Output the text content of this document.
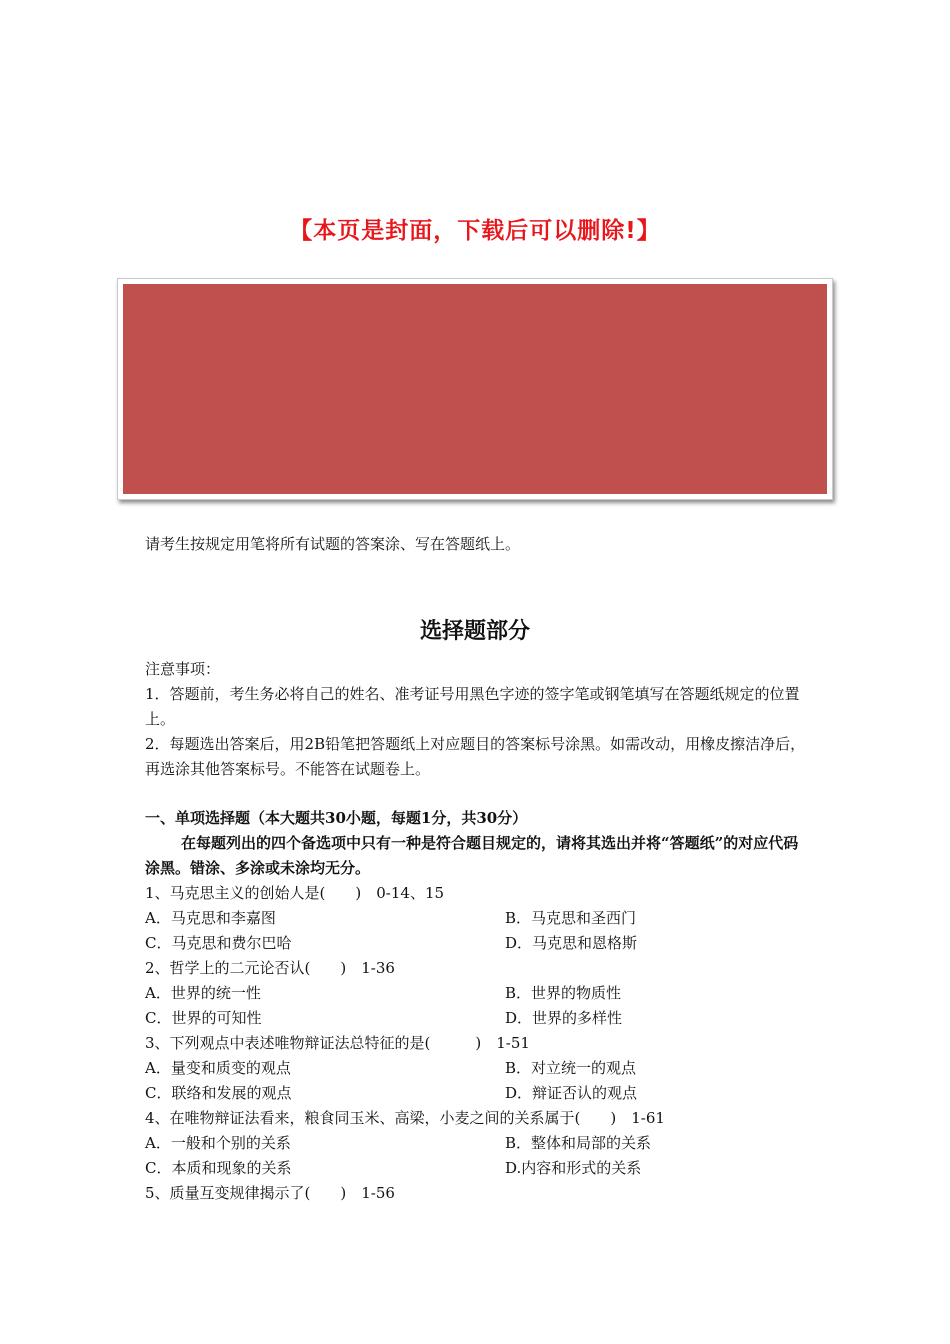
【本页是封面，下载后可以删除!】
请考生按规定用笔将所有试题的答案涂、写在答题纸上。
选择题部分

注意事项：

1．答题前，考生务必将自己的姓名、准考证号用黑色字迹的签字笔或钢笔填写在答题纸规定的位置上。

2．每题选出答案后，用2B铅笔把答题纸上对应题目的答案标号涂黑。如需改动，用橡皮擦洁净后，再选涂其他答案标号。不能答在试题卷上。

一、单项选择题（本大题共30小题，每题1分，共30分）

在每题列出的四个备选项中只有一种是符合题目规定的，请将其选出并将“答题纸”的对应代码涂黑。错涂、多涂或未涂均无分。

1、马克思主义的创始人是(　　)　0-14、15

A．马克思和李嘉图	B．马克思和圣西门
C．马克思和费尔巴哈	D．马克思和恩格斯

2、哲学上的二元论否认(　　)　1-36

A．世界的统一性	B．世界的物质性
C．世界的可知性	D．世界的多样性

3、下列观点中表述唯物辩证法总特征的是(　　　)　1-51

A．量变和质变的观点	B．对立统一的观点
C．联络和发展的观点	D．辩证否认的观点

4、在唯物辩证法看来，粮食同玉米、高梁，小麦之间的关系属于(　　)　1-61

A．一般和个别的关系	B．整体和局部的关系
C．本质和现象的关系	D.内容和形式的关系

5、质量互变规律揭示了(　　)　1-56
